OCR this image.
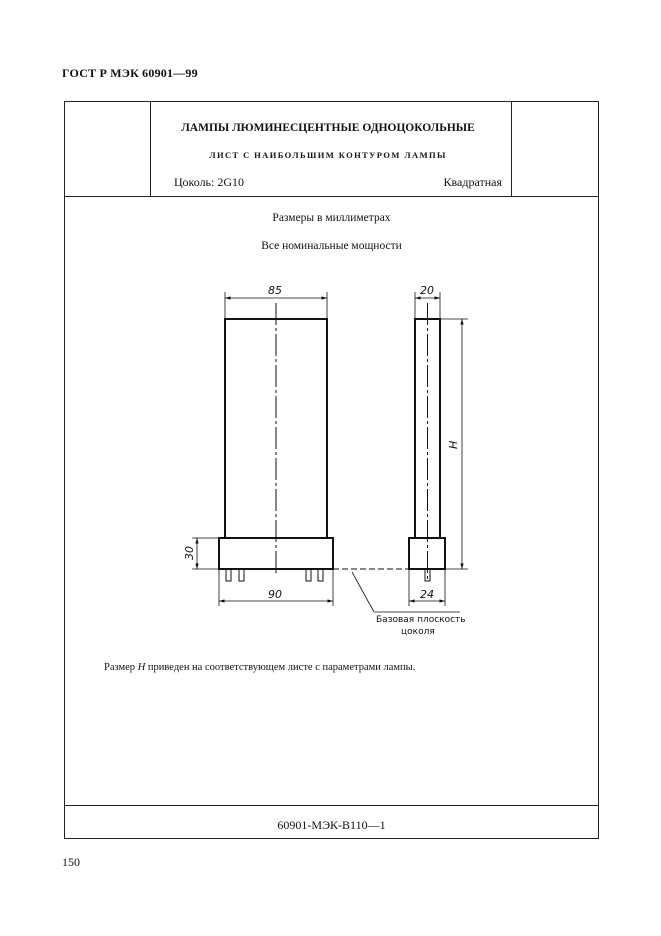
ГОСТ Р МЭК 60901—99
ЛАМПЫ ЛЮМИНЕСЦЕНТНЫЕ ОДНОЦОКОЛЬНЫЕ
ЛИСТ С НАИБОЛЬШИМ КОНТУРОМ ЛАМПЫ
Цоколь: 2G10	Квадратная
Размеры в миллиметрах
Все номинальные мощности
85
90
30
20
24
H
Базовая плоскость
цоколя
Размер H приведен на соответствующем листе с параметрами лампы.
60901-МЭК-В110—1
150
